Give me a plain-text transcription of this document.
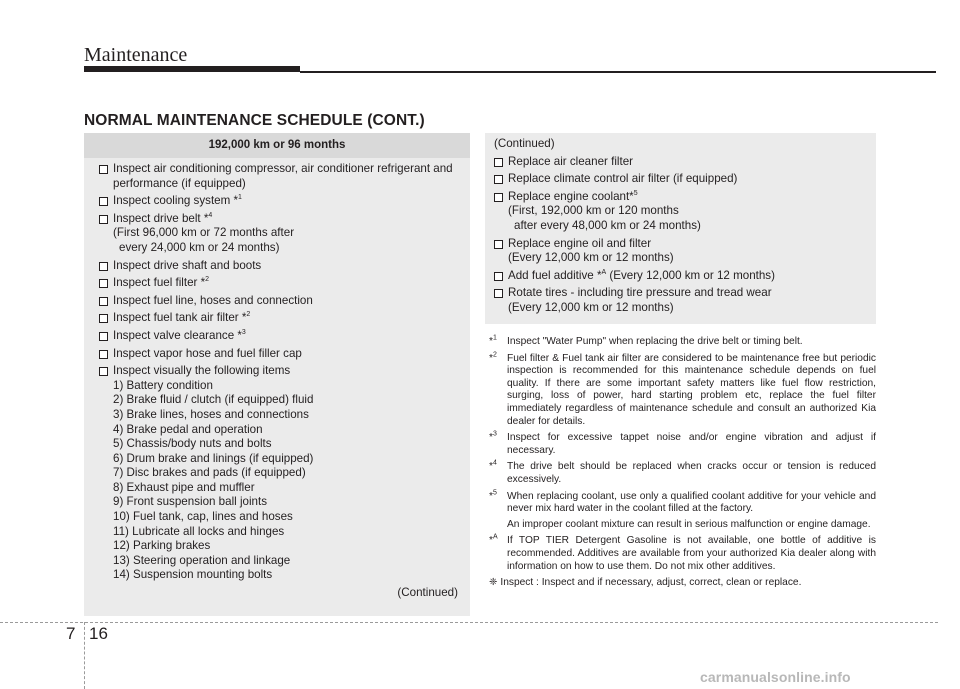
Maintenance
NORMAL MAINTENANCE SCHEDULE (CONT.)
192,000 km or 96 months
Inspect air conditioning compressor, air conditioner refrigerant and
performance (if equipped)
Inspect cooling system *$^1$
Inspect drive belt *$^4$
(First 96,000 km or 72 months after
every 24,000 km or 24 months)
Inspect drive shaft and boots
Inspect fuel filter *$^2$
Inspect fuel line, hoses and connection
Inspect fuel tank air filter *$^2$
Inspect valve clearance *$^3$
Inspect vapor hose and fuel filler cap
Inspect visually the following items
1) Battery condition
2) Brake fluid / clutch (if equipped) fluid
3) Brake lines, hoses and connections
4) Brake pedal and operation
5) Chassis/body nuts and bolts
6) Drum brake and linings (if equipped)
7) Disc brakes and pads (if equipped)
8) Exhaust pipe and muffler
9) Front suspension ball joints
10) Fuel tank, cap, lines and hoses
11) Lubricate all locks and hinges
12) Parking brakes
13) Steering operation and linkage
14) Suspension mounting bolts
(Continued)
(Continued)
Replace air cleaner filter
Replace climate control air filter (if equipped)
Replace engine coolant*$^5$
(First, 192,000 km or 120 months
after every 48,000 km or 24 months)
Replace engine oil and filter
(Every 12,000 km or 12 months)
Add fuel additive *$^A$ (Every 12,000 km or 12 months)
Rotate tires - including tire pressure and tread wear
(Every 12,000 km or 12 months)
*$^1$ Inspect "Water Pump" when replacing the drive belt or timing belt.
*$^2$ Fuel filter & Fuel tank air filter are considered to be maintenance free but periodic inspection is recommended for this maintenance schedule depends on fuel quality. If there are some important safety matters like fuel flow restriction, surging, loss of power, hard starting problem etc, replace the fuel filter immediately regardless of maintenance schedule and consult an authorized Kia dealer for details.
*$^3$ Inspect for excessive tappet noise and/or engine vibration and adjust if necessary.
*$^4$ The drive belt should be replaced when cracks occur or tension is reduced excessively.
*$^5$ When replacing coolant, use only a qualified coolant additive for your vehicle and never mix hard water in the coolant filled at the factory.

An improper coolant mixture can result in serious malfunction or engine damage.

*$^A$ If TOP TIER Detergent Gasoline is not available, one bottle of additive is recommended. Additives are available from your authorized Kia dealer along with information on how to use them. Do not mix other additives.
❈ Inspect : Inspect and if necessary, adjust, correct, clean or replace.
7 16
carmanualsonline.info
